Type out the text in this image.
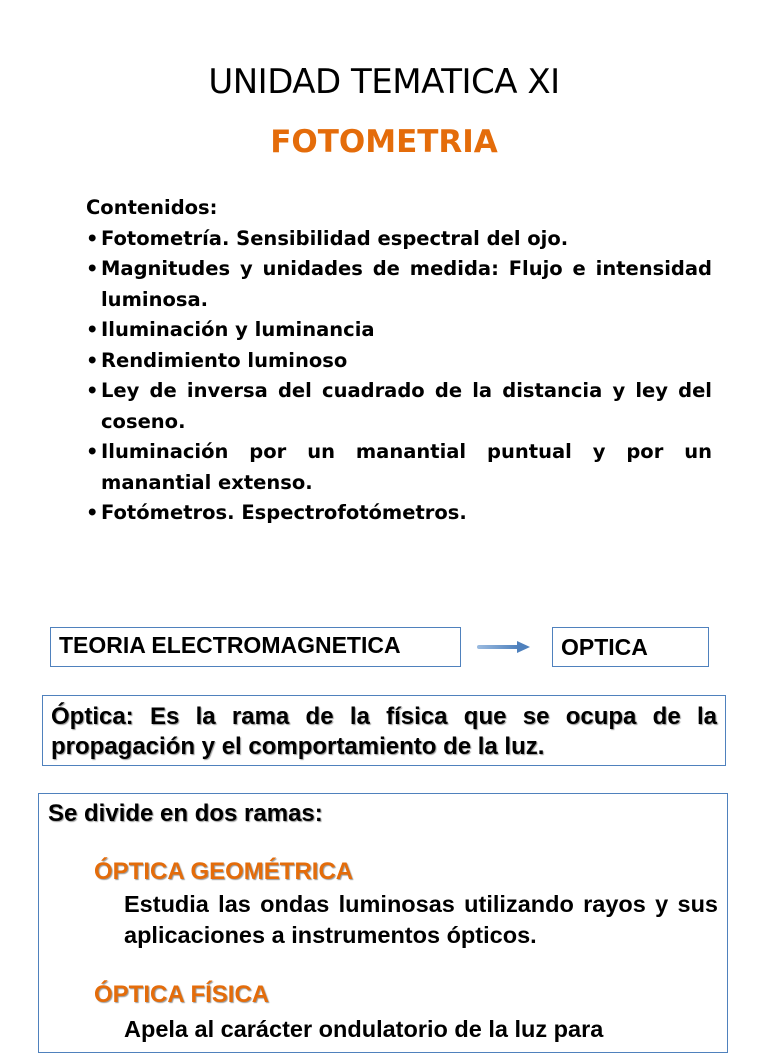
UNIDAD TEMATICA XI
FOTOMETRIA

Contenidos:

• Fotometría. Sensibilidad espectral del ojo.
• Magnitudes y unidades de medida: Flujo e intensidad luminosa.
• Iluminación y luminancia
• Rendimiento luminoso
• Ley de inversa del cuadrado de la distancia y ley del coseno.
• Iluminación por un manantial puntual y por un manantial extenso.
• Fotómetros. Espectrofotómetros.
TEORIA ELECTROMAGNETICA	OPTICA
Óptica: Es la rama de la física que se ocupa de la propagación y el comportamiento de la luz.

Se divide en dos ramas:

ÓPTICA GEOMÉTRICA
Estudia las ondas luminosas utilizando rayos y sus aplicaciones a instrumentos ópticos.
ÓPTICA FÍSICA
Apela al carácter ondulatorio de la luz para
